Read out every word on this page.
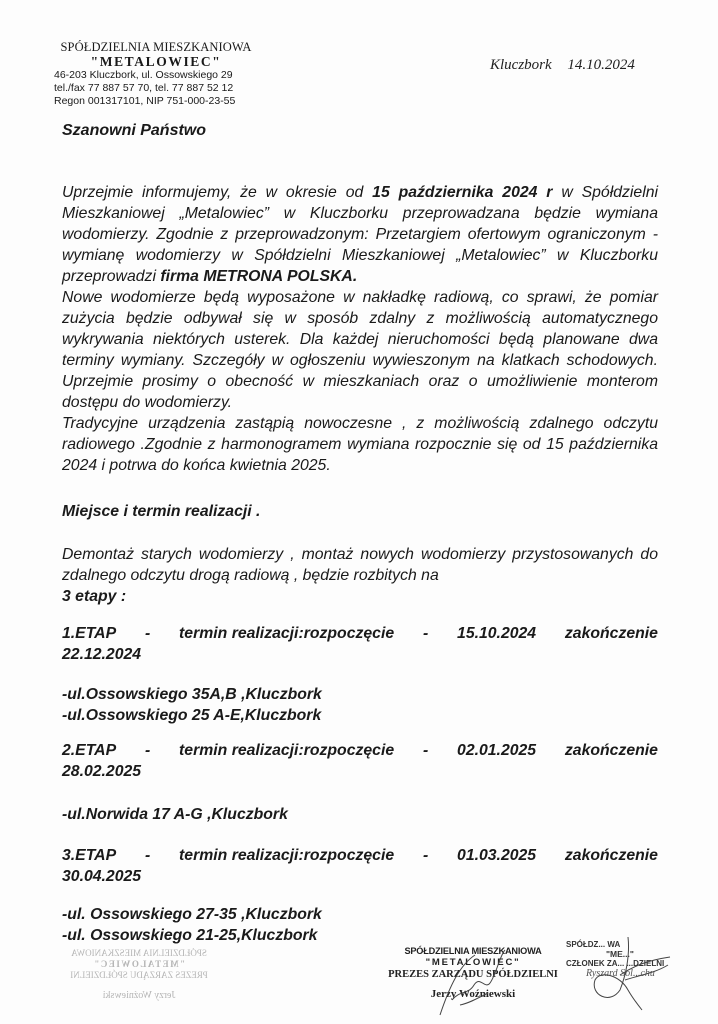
SPÓŁDZIELNIA MIESZKANIOWA
"METALOWIEC"
46-203 Kluczbork, ul. Ossowskiego 29
tel./fax 77 887 57 70, tel. 77 887 52 12
Regon 001317101, NIP 751-000-23-55
Kluczbork 14.10.2024
Szanowni Państwo

Uprzejmie informujemy, że w okresie od 15 października 2024 r w Spółdzielni Mieszkaniowej „Metalowiec” w Kluczborku przeprowadzana będzie wymiana wodomierzy. Zgodnie z przeprowadzonym: Przetargiem ofertowym ograniczonym -wymianę wodomierzy w Spółdzielni Mieszkaniowej „Metalowiec” w Kluczborku przeprowadzi firma METRONA POLSKA.

Nowe wodomierze będą wyposażone w nakładkę radiową, co sprawi, że pomiar zużycia będzie odbywał się w sposób zdalny z możliwością automatycznego wykrywania niektórych usterek. Dla każdej nieruchomości będą planowane dwa terminy wymiany. Szczegóły w ogłoszeniu wywieszonym na klatkach schodowych. Uprzejmie prosimy o obecność w mieszkaniach oraz o umożliwienie monterom dostępu do wodomierzy.

Tradycyjne urządzenia zastąpią nowoczesne , z możliwością zdalnego odczytu radiowego .Zgodnie z harmonogramem wymiana rozpocznie się od 15 października 2024 i potrwa do końca kwietnia 2025.

Miejsce i termin realizacji .

Demontaż starych wodomierzy , montaż nowych wodomierzy przystosowanych do zdalnego odczytu drogą radiową , będzie rozbitych na

3 etapy :
1.ETAP - termin realizacji:rozpoczęcie - 15.10.2024 zakończenie
22.12.2024
-ul.Ossowskiego 35A,B ,Kluczbork
-ul.Ossowskiego 25 A-E,Kluczbork
2.ETAP - termin realizacji:rozpoczęcie - 02.01.2025 zakończenie
28.02.2025
-ul.Norwida 17 A-G ,Kluczbork
3.ETAP - termin realizacji:rozpoczęcie - 01.03.2025 zakończenie
30.04.2025
-ul. Ossowskiego 27-35 ,Kluczbork
-ul. Ossowskiego 21-25,Kluczbork
SPÓŁDZIELNIA MIESZKANIOWA
"METALOWIEC"
PREZES ZARZĄDU SPÓŁDZIELNI
Jerzy Woźniewski
SPÓŁDZIELNIA MIESZKANIOWA
"METALOWIEC"
PREZES ZARZĄDU SPÓŁDZIELNI
Jerzy Woźniewski
SPÓŁDZ... WA
"ME..."
CZŁONEK ZA... ...DZIELNI
Ryszard Sol...chu
